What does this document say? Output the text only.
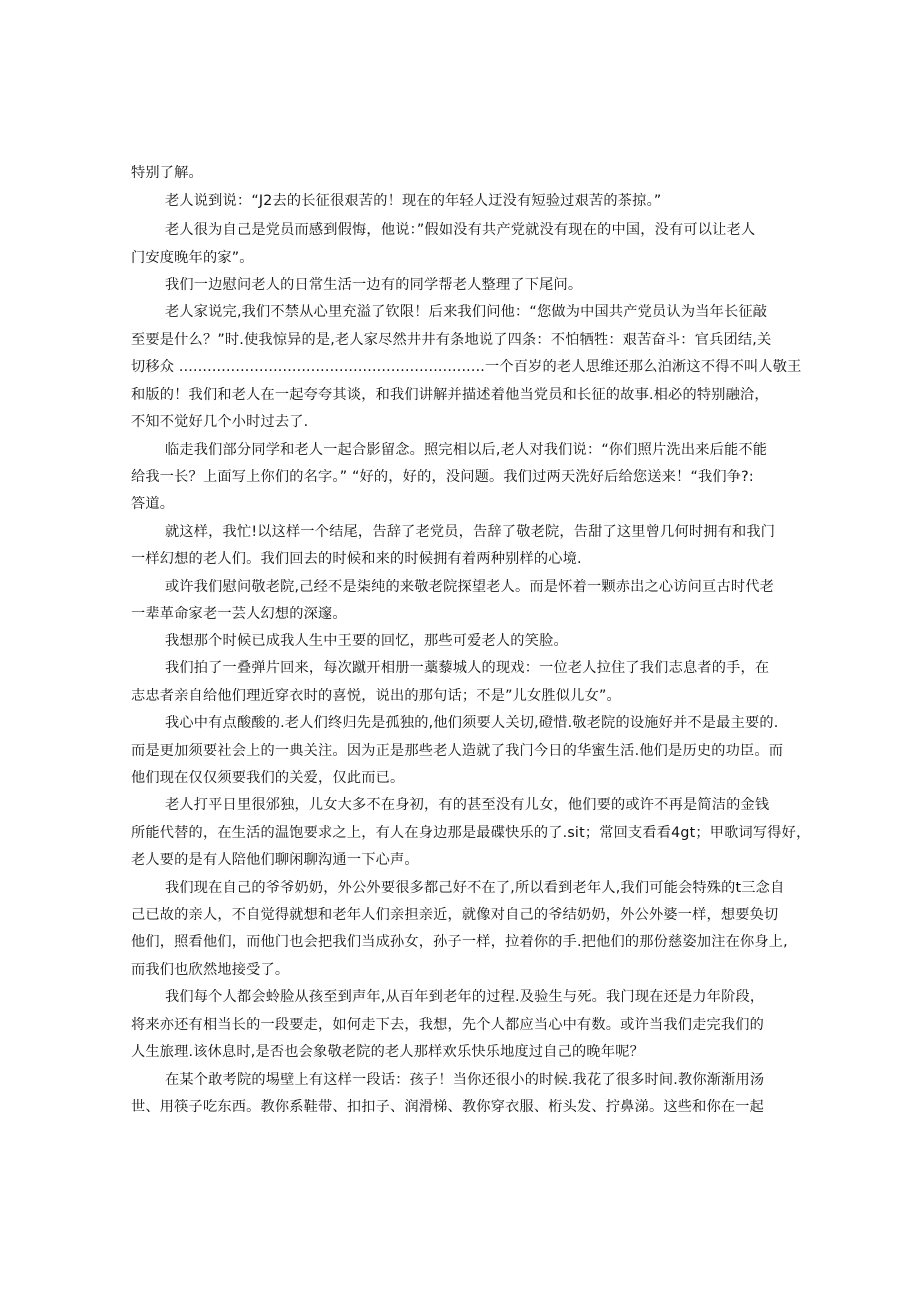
特别了解。

老人说到说：“J2去的长征很艰苦的！现在的年轻人迂没有短验过艰苦的茶掠。”

老人很为自己是党员而感到假悔，他说：”假如没有共产党就没有现在的中国，没有可以让老人

门安度晚年的家”。

我们一边慰问老人的日常生活一边有的同学帮老人整理了下尾问。

老人家说完,我们不禁从心里充溢了钦限！后来我们问他：“您做为中国共产党员认为当年长征敲

至要是什么？”时.使我惊异的是,老人家尽然井井有条地说了四条：不怕牺牲：艰苦奋斗：官兵团结,关

切移众 .................................................................一个百岁的老人思维还那么泊淅这不得不叫人敬王

和版的！我们和老人在一起夸夸其谈，和我们讲解并描述着他当党员和长征的故事.相必的特别融洽，

不知不觉好几个小时过去了.

临走我们部分同学和老人一起合影留念。照完相以后,老人对我们说：“你们照片洗出来后能不能

给我一长？上面写上你们的名字。” “好的，好的，没问题。我们过两天洗好后给您送来！“我们争?:

答道。

就这样，我忙!以这样一个结尾，告辞了老党员，告辞了敬老院，告甜了这里曾几何时拥有和我门

一样幻想的老人们。我们回去的时候和来的时候拥有着两种别样的心境.

或许我们慰问敬老院,己经不是柒纯的来敬老院探望老人。而是怀着一颗赤岀之心访问亘古时代老

一辈革命家老一芸人幻想的深邃。

我想那个时候已成我人生中王要的回忆，那些可爱老人的笑脸。

我们拍了一叠弹片回来，每次蹴开相册一藁藜城人的现戏：一位老人拉住了我们志息者的手，在

志忠者亲自给他们理近穿衣时的喜悦，说出的那句话；不是”儿女胜似儿女”。

我心中有点酸酸的.老人们终归先是孤独的,他们须要人关切,磴惜.敬老院的设施好并不是最主要的.

而是更加须要社会上的一典关注。因为正是那些老人造就了我门今日的华蜜生活.他们是历史的功臣。而

他们现在仅仅须要我们的关爱，仅此而已。

老人打平日里很邠独，儿女大多不在身初，有的甚至没有儿女，他们要的或许不再是简洁的金钱

所能代替的，在生活的温饱要求之上，有人在身边那是最碟快乐的了.sit；常回支看看4gt；甲歌词写得好，

老人要的是有人陪他们聊闲聊沟通一下心声。

我们现在自己的爷爷奶奶，外公外要很多都己好不在了,所以看到老年人,我们可能会特殊的t三念自

己已故的亲人，不自觉得就想和老年人们亲担亲近，就像对自己的爷结奶奶，外公外婆一样，想要奂切

他们，照看他们，而他门也会把我们当成孙女，孙子一样，拉着你的手.把他们的那份慈姿加注在你身上,

而我们也欣然地接受了。

我们每个人都会蛉脸从孩至到声年,从百年到老年的过程.及验生与死。我门现在还是力年阶段，

将来亦还有相当长的一段要走，如何走下去，我想，先个人都应当心中有数。或许当我们走完我们的

人生旅理.该休息时,是否也会象敬老院的老人那样欢乐快乐地度过自己的晚年呢？

在某个敢考院的埸壁上有这样一段话：孩子！当你还很小的时候.我花了很多时间.教你渐渐用汤

世、用筷子吃东西。教你系鞋带、扣扣子、润滑梯、教你穿衣服、桁头发、拧鼻涕。这些和你在一起
